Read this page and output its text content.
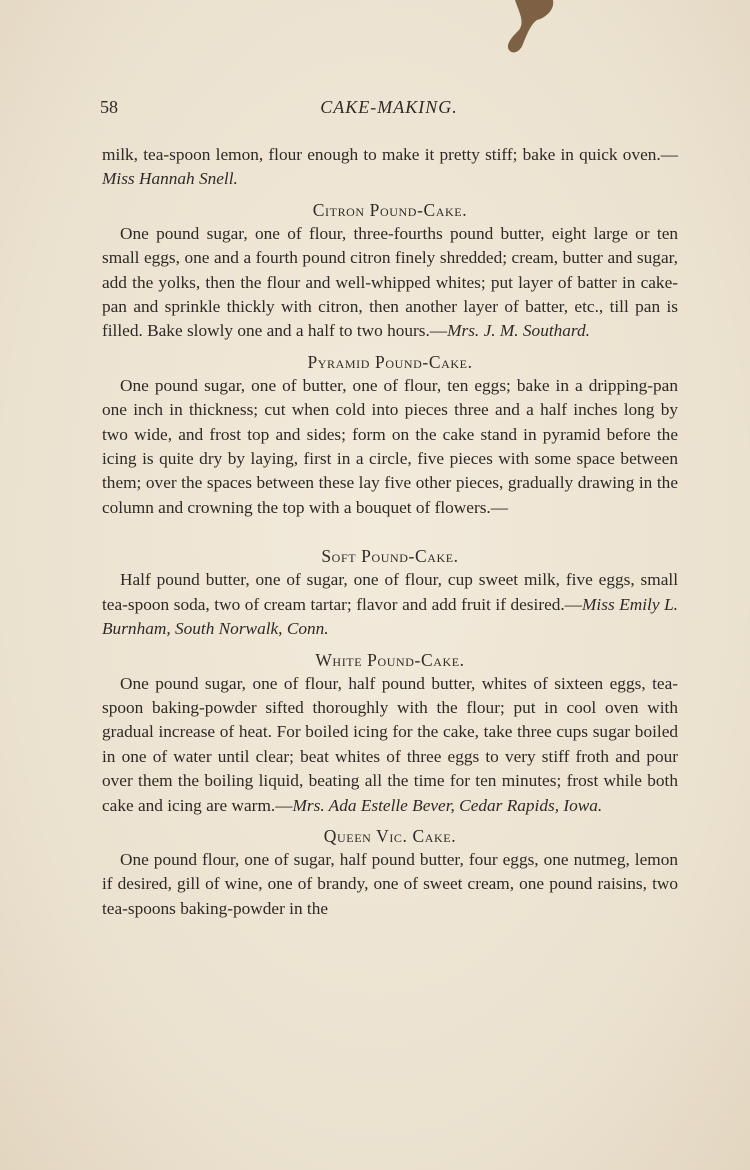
58	CAKE-MAKING.

milk, tea-spoon lemon, flour enough to make it pretty stiff; bake in quick oven.—Miss Hannah Snell.

Citron Pound-Cake.

One pound sugar, one of flour, three-fourths pound butter, eight large or ten small eggs, one and a fourth pound citron finely shredded; cream, butter and sugar, add the yolks, then the flour and well-whipped whites; put layer of batter in cake-pan and sprinkle thickly with citron, then another layer of batter, etc., till pan is filled. Bake slowly one and a half to two hours.—Mrs. J. M. Southard.

Pyramid Pound-Cake.

One pound sugar, one of butter, one of flour, ten eggs; bake in a dripping-pan one inch in thickness; cut when cold into pieces three and a half inches long by two wide, and frost top and sides; form on the cake stand in pyramid before the icing is quite dry by laying, first in a circle, five pieces with some space between them; over the spaces between these lay five other pieces, gradually drawing in the column and crowning the top with a bouquet of flowers.—

Soft Pound-Cake.

Half pound butter, one of sugar, one of flour, cup sweet milk, five eggs, small tea-spoon soda, two of cream tartar; flavor and add fruit if desired.—Miss Emily L. Burnham, South Norwalk, Conn.

White Pound-Cake.

One pound sugar, one of flour, half pound butter, whites of sixteen eggs, tea-spoon baking-powder sifted thoroughly with the flour; put in cool oven with gradual increase of heat. For boiled icing for the cake, take three cups sugar boiled in one of water until clear; beat whites of three eggs to very stiff froth and pour over them the boiling liquid, beating all the time for ten minutes; frost while both cake and icing are warm.—Mrs. Ada Estelle Bever, Cedar Rapids, Iowa.

Queen Vic. Cake.

One pound flour, one of sugar, half pound butter, four eggs, one nutmeg, lemon if desired, gill of wine, one of brandy, one of sweet cream, one pound raisins, two tea-spoons baking-powder in the
